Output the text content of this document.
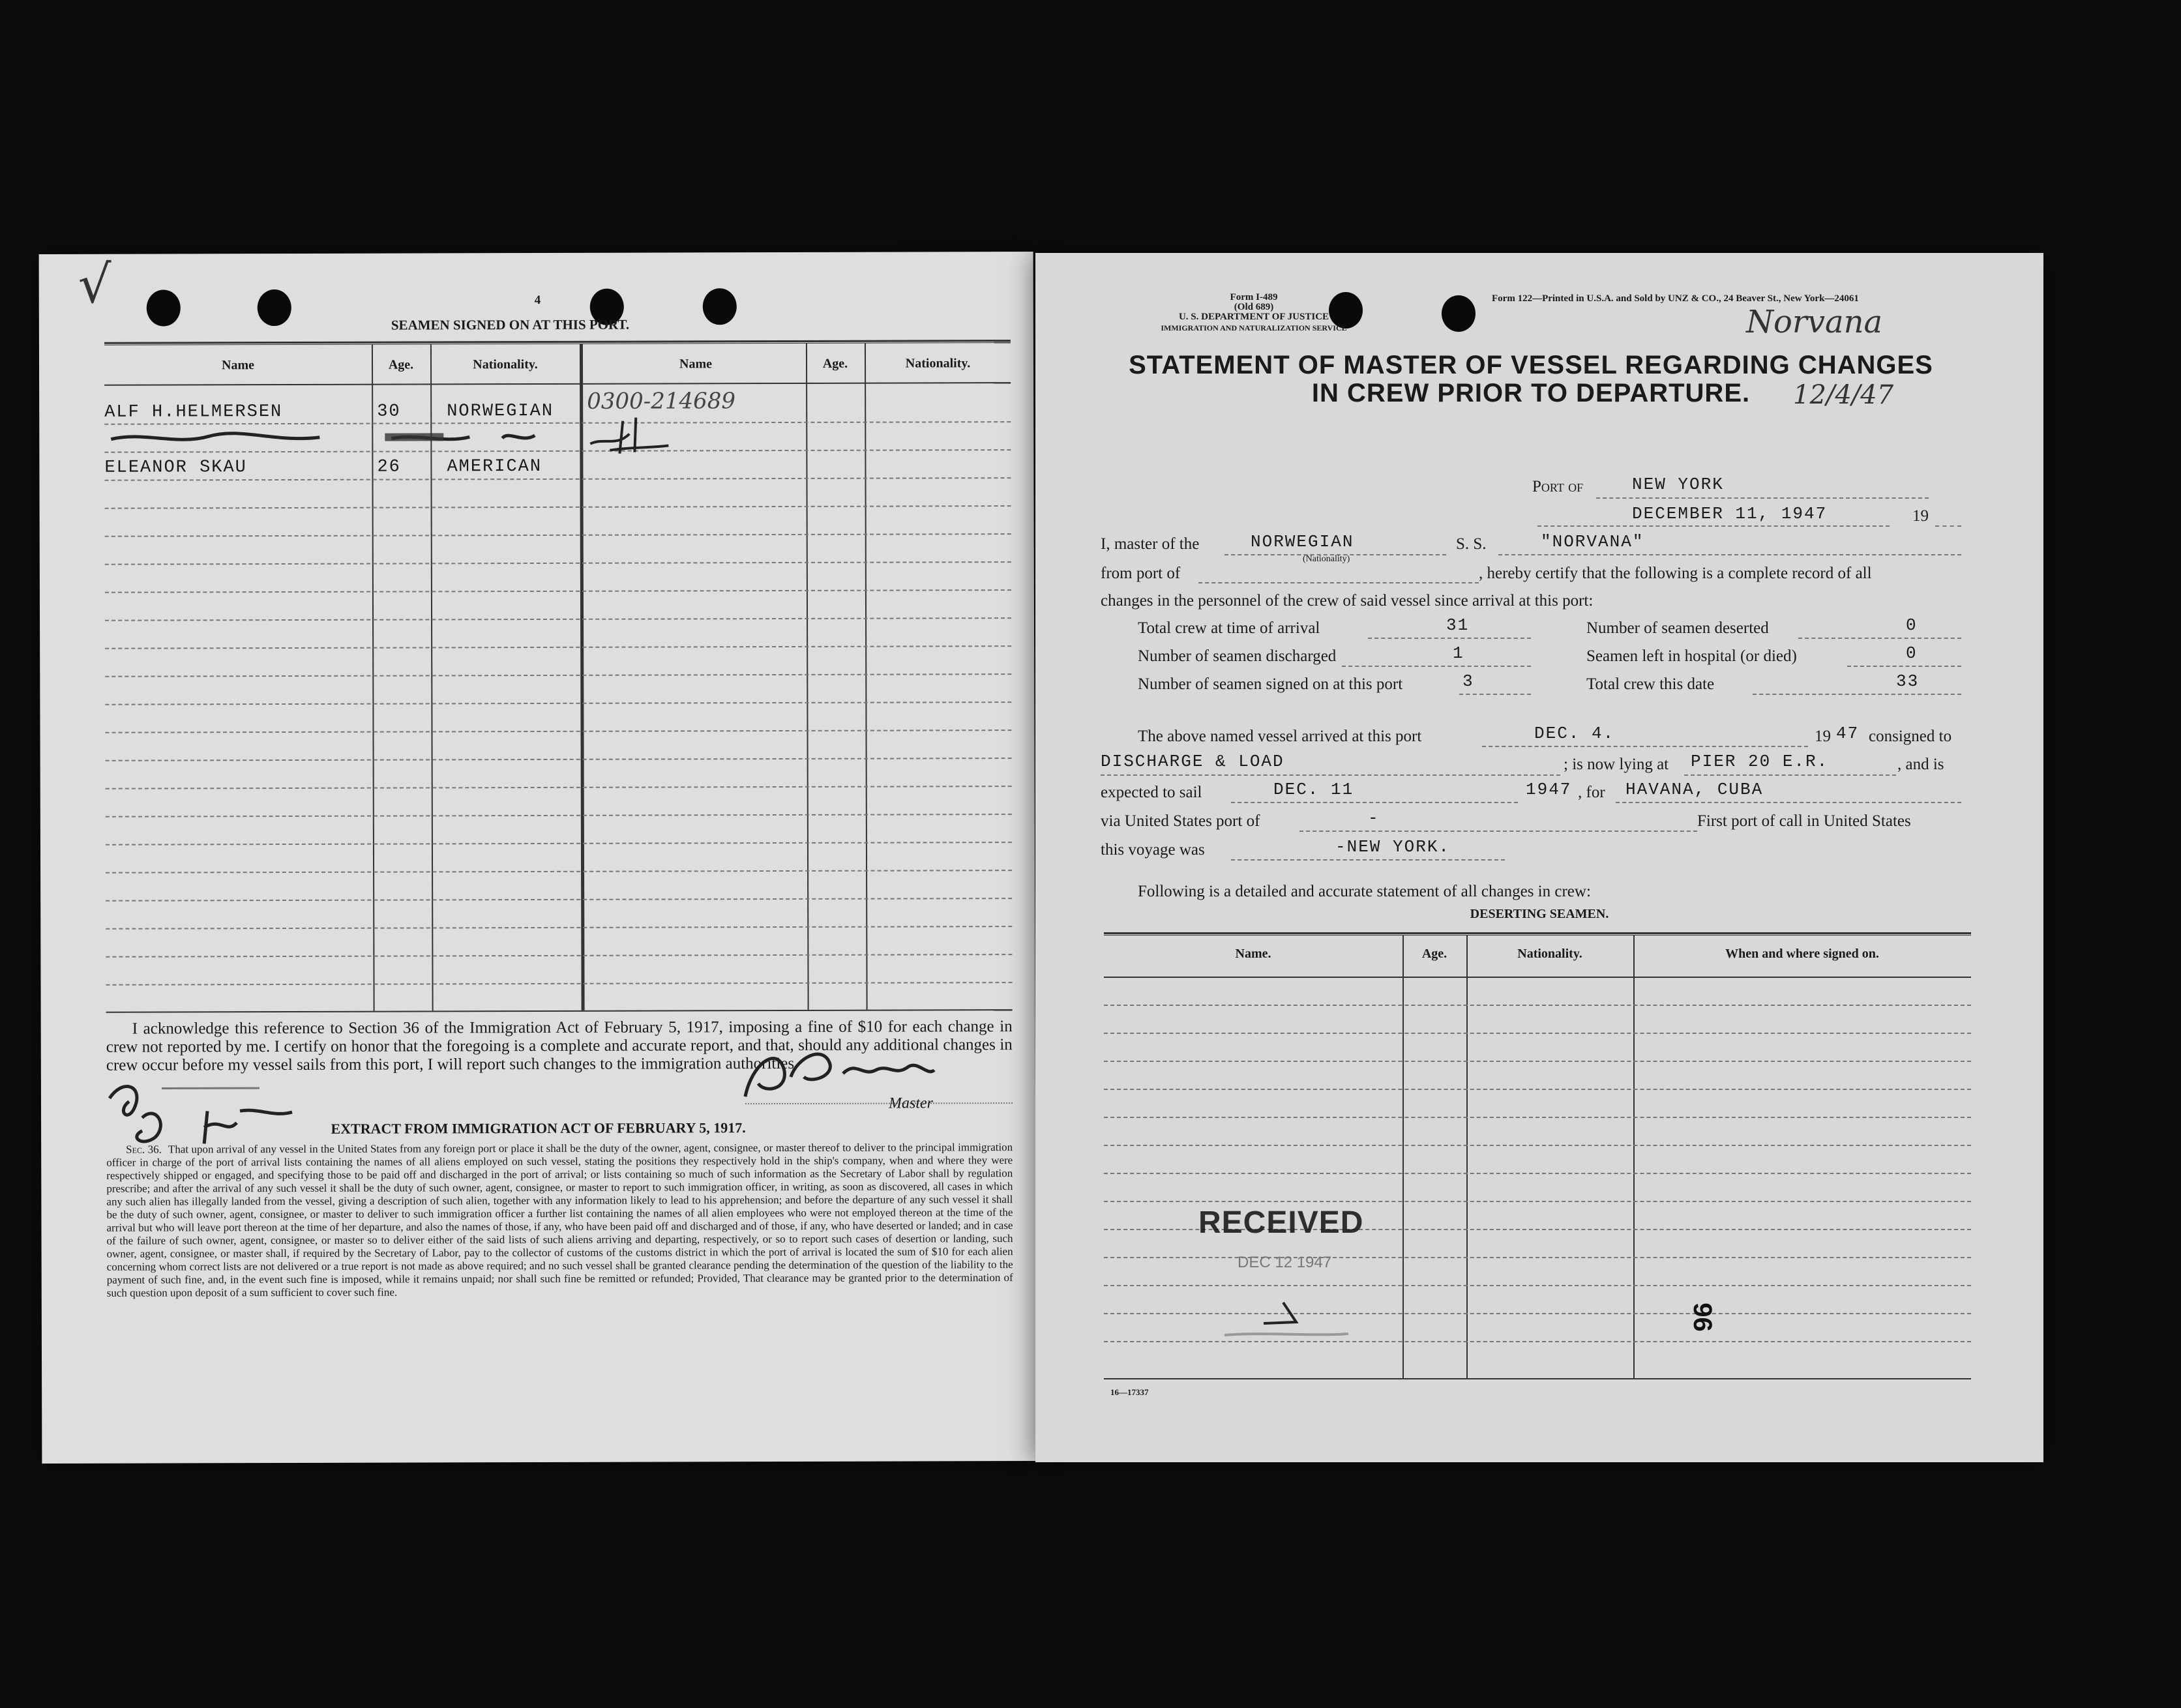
√	4
SEAMEN SIGNED ON AT THIS PORT.
Name	Age.	Nationality.	Name	Age.	Nationality.
ALF H.HELMERSEN	30	NORWEGIAN
ELEANOR SKAU	26	AMERICAN
0300-214689
I acknowledge this reference to Section 36 of the Immigration Act of February 5, 1917, imposing a fine of $10 for each change in crew not reported by me. I certify on honor that the foregoing is a complete and accurate report, and that, should any additional changes in crew occur before my vessel sails from this port, I will report such changes to the immigration authorities.
Master
EXTRACT FROM IMMIGRATION ACT OF FEBRUARY 5, 1917.
Sec. 36. That upon arrival of any vessel in the United States from any foreign port or place it shall be the duty of the owner, agent, consignee, or master thereof to deliver to the principal immigration officer in charge of the port of arrival lists containing the names of all aliens employed on such vessel, stating the positions they respectively hold in the ship's company, when and where they were respectively shipped or engaged, and specifying those to be paid off and discharged in the port of arrival; or lists containing so much of such information as the Secretary of Labor shall by regulation prescribe; and after the arrival of any such vessel it shall be the duty of such owner, agent, consignee, or master to report to such immigration officer, in writing, as soon as discovered, all cases in which any such alien has illegally landed from the vessel, giving a description of such alien, together with any information likely to lead to his apprehension; and before the departure of any such vessel it shall be the duty of such owner, agent, consignee, or master to deliver to such immigration officer a further list containing the names of all alien employees who were not employed thereon at the time of the arrival but who will leave port thereon at the time of her departure, and also the names of those, if any, who have been paid off and discharged and of those, if any, who have deserted or landed; and in case of the failure of such owner, agent, consignee, or master so to deliver either of the said lists of such aliens arriving and departing, respectively, or so to report such cases of desertion or landing, such owner, agent, consignee, or master shall, if required by the Secretary of Labor, pay to the collector of customs of the customs district in which the port of arrival is located the sum of $10 for each alien concerning whom correct lists are not delivered or a true report is not made as above required; and no such vessel shall be granted clearance pending the determination of the question of the liability to the payment of such fine, and, in the event such fine is imposed, while it remains unpaid; nor shall such fine be remitted or refunded; Provided, That clearance may be granted prior to the determination of such question upon deposit of a sum sufficient to cover such fine.
Form I-489
(Old 689)
U. S. DEPARTMENT OF JUSTICE
IMMIGRATION AND NATURALIZATION SERVICE
Form 122—Printed in U.S.A. and Sold by UNZ & CO., 24 Beaver St., New York—24061
Norvana
12/4/47
STATEMENT OF MASTER OF VESSEL REGARDING CHANGES
IN CREW PRIOR TO DEPARTURE.
Port of	NEW YORK
DECEMBER 11, 1947	19
I, master of the	NORWEGIAN
(Nationality)
S. S.	"NORVANA"
from port of	, hereby certify that the following is a complete record of all
changes in the personnel of the crew of said vessel since arrival at this port:
Total crew at time of arrival	31	Number of seamen deserted	0
Number of seamen discharged	1	Seamen left in hospital (or died)	0
Number of seamen signed on at this port	3	Total crew this date	33
The above named vessel arrived at this port	DEC. 4.	19 47 consigned to
DISCHARGE & LOAD	; is now lying at PIER 20 E.R.	, and is
expected to sail	DEC. 11	1947 , for HAVANA, CUBA
via United States port of	-	First port of call in United States
this voyage was	-NEW YORK.
Following is a detailed and accurate statement of all changes in crew:
DESERTING SEAMEN.
Name.	Age.	Nationality.	When and where signed on.
RECEIVED
DEC 12 1947
96
16—17337
